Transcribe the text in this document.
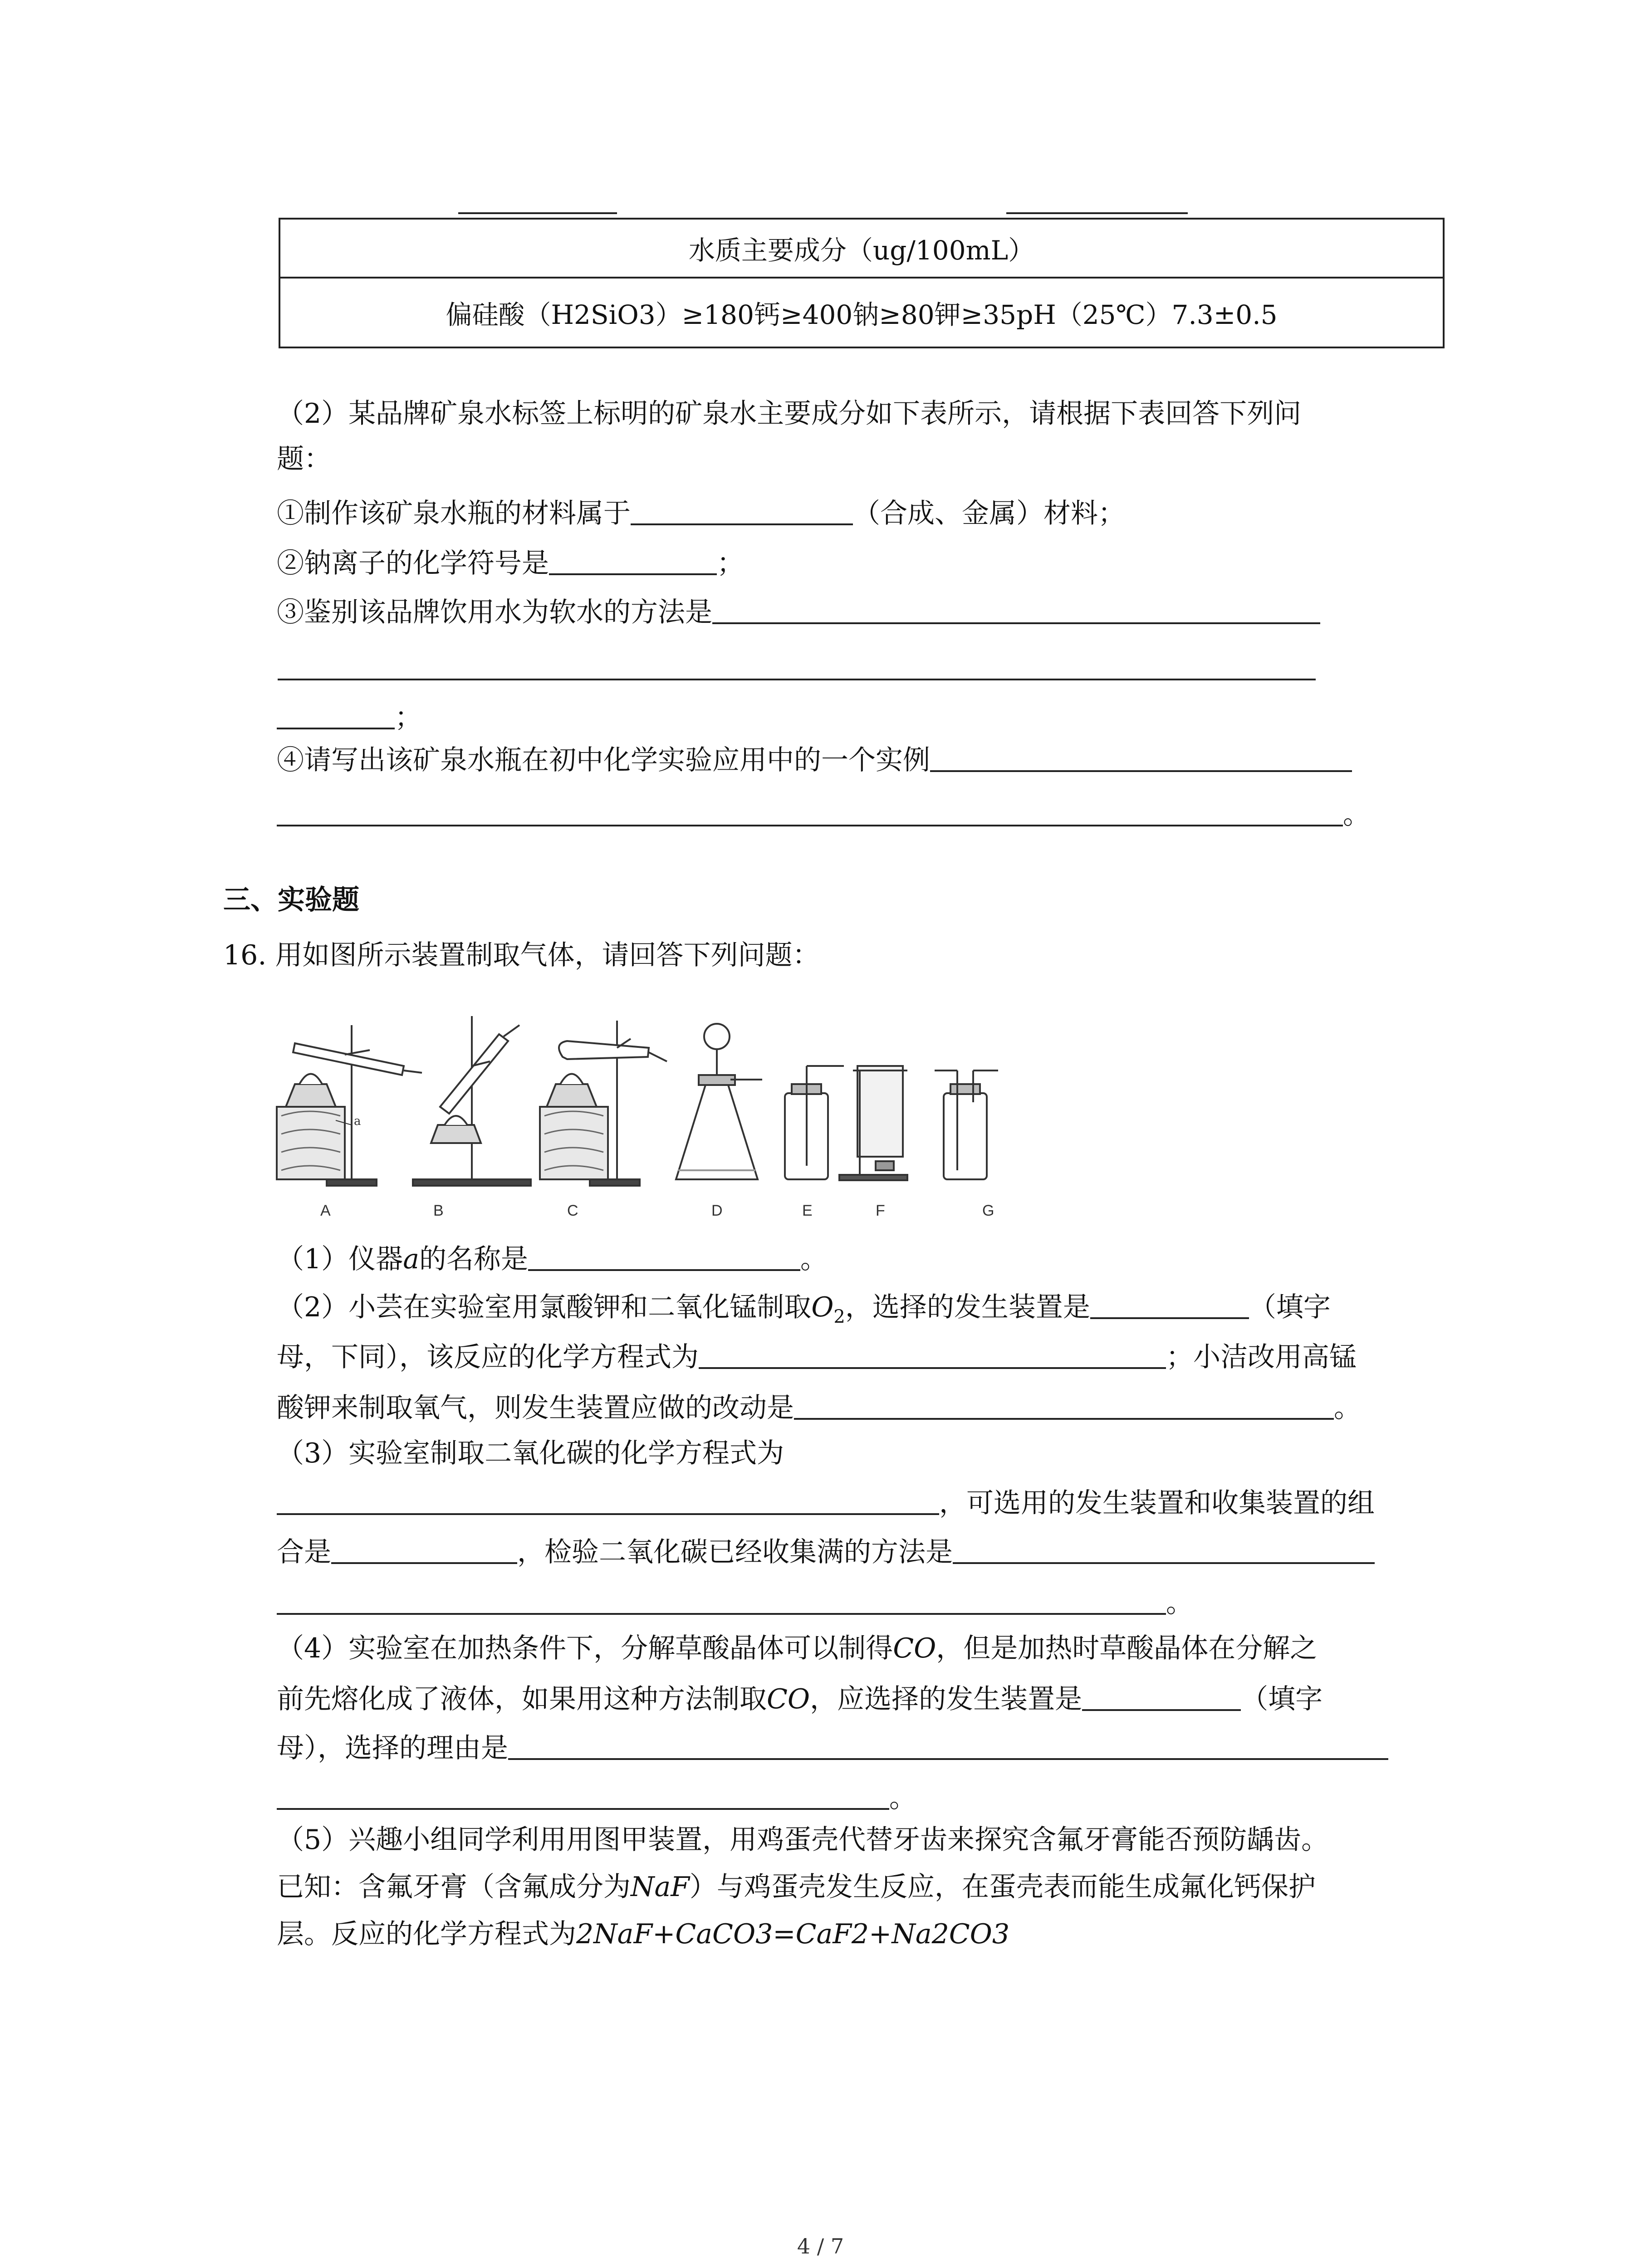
水质主要成分（ug/100mL）
偏硅酸（H2SiO3）≥180钙≥400钠≥80钾≥35pH（25℃）7.3±0.5
（2）某品牌矿泉水标签上标明的矿泉水主要成分如下表所示，请根据下表回答下列问
题：
①制作该矿泉水瓶的材料属于	（合成、金属）材料；
②钠离子的化学符号是	；
③鉴别该品牌饮用水为软水的方法是
；
④请写出该矿泉水瓶在初中化学实验应用中的一个实例
。
三、实验题
16. 用如图所示装置制取气体，请回答下列问题：
a
A	B	C	D	E	F	G
（1）仪器a的名称是	。
（2）小芸在实验室用氯酸钾和二氧化锰制取$O_2$，选择的发生装置是	（填字
母，下同），该反应的化学方程式为	；小洁改用高锰
酸钾来制取氧气，则发生装置应做的改动是	。
（3）实验室制取二氧化碳的化学方程式为
，可选用的发生装置和收集装置的组
合是	，检验二氧化碳已经收集满的方法是
。
（4）实验室在加热条件下，分解草酸晶体可以制得CO，但是加热时草酸晶体在分解之
前先熔化成了液体，如果用这种方法制取CO，应选择的发生装置是	（填字
母），选择的理由是
。
（5）兴趣小组同学利用用图甲装置，用鸡蛋壳代替牙齿来探究含氟牙膏能否预防龋齿。
已知：含氟牙膏（含氟成分为NaF）与鸡蛋壳发生反应，在蛋壳表而能生成氟化钙保护
层。反应的化学方程式为2NaF+CaCO3=CaF2+Na2CO3
4 / 7
